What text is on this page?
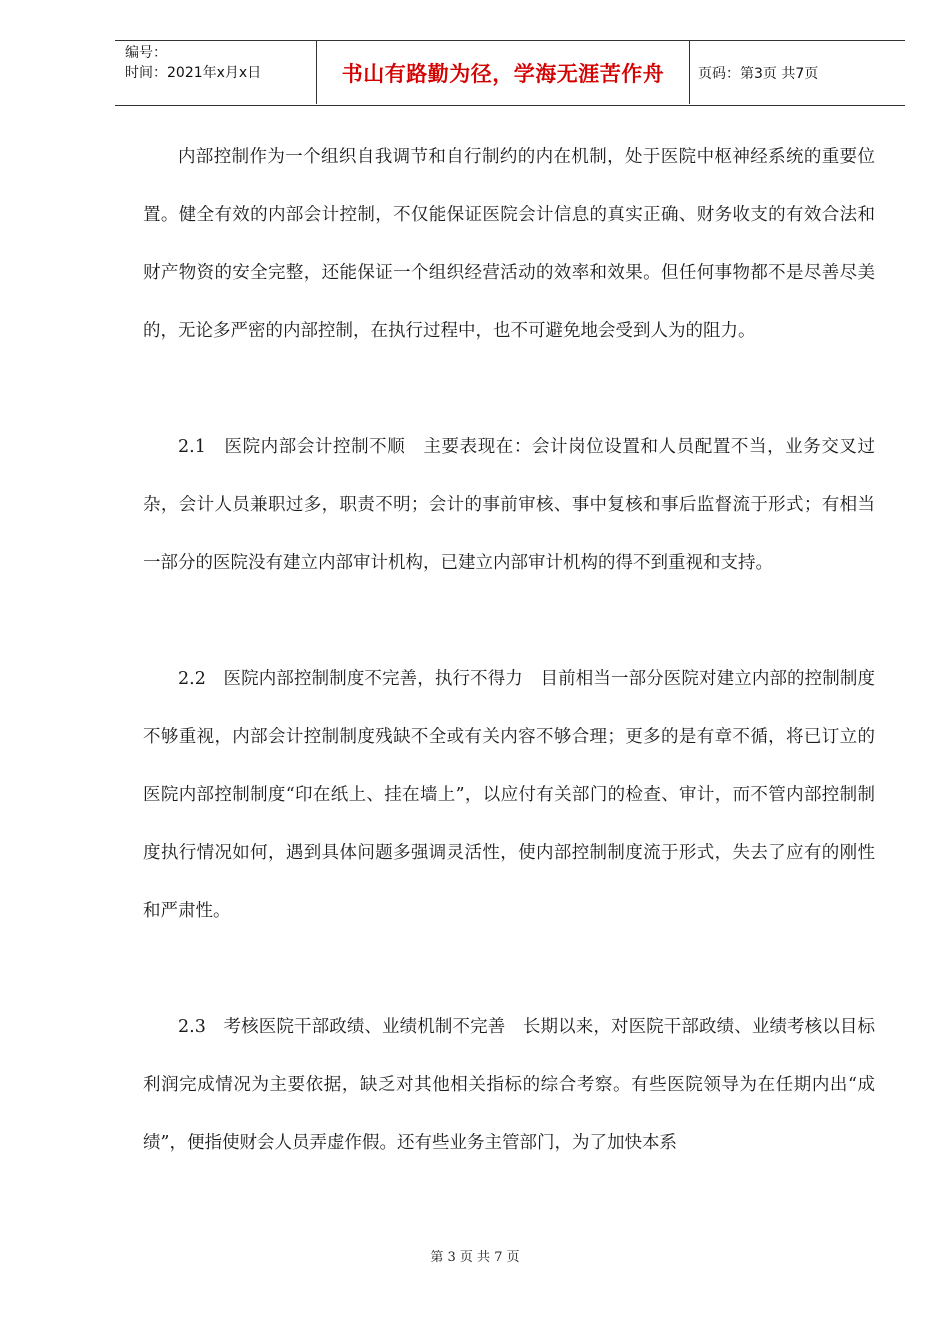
编号：
时间：2021年x月x日	书山有路勤为径，学海无涯苦作舟 页码：第3页 共7页

内部控制作为一个组织自我调节和自行制约的内在机制，处于医院中枢神经系统的重要位置。健全有效的内部会计控制，不仅能保证医院会计信息的真实正确、财务收支的有效合法和财产物资的安全完整，还能保证一个组织经营活动的效率和效果。但任何事物都不是尽善尽美的，无论多严密的内部控制，在执行过程中，也不可避免地会受到人为的阻力。

2.1　医院内部会计控制不顺　主要表现在：会计岗位设置和人员配置不当，业务交叉过杂，会计人员兼职过多，职责不明；会计的事前审核、事中复核和事后监督流于形式；有相当一部分的医院没有建立内部审计机构，已建立内部审计机构的得不到重视和支持。

2.2　医院内部控制制度不完善，执行不得力　目前相当一部分医院对建立内部的控制制度不够重视，内部会计控制制度残缺不全或有关内容不够合理；更多的是有章不循，将已订立的医院内部控制制度“印在纸上、挂在墙上”，以应付有关部门的检查、审计，而不管内部控制制度执行情况如何，遇到具体问题多强调灵活性，使内部控制制度流于形式，失去了应有的刚性和严肃性。

2.3　考核医院干部政绩、业绩机制不完善　长期以来，对医院干部政绩、业绩考核以目标利润完成情况为主要依据，缺乏对其他相关指标的综合考察。有些医院领导为在任期内出“成绩”，便指使财会人员弄虚作假。还有些业务主管部门，为了加快本系

第 3 页 共 7 页
